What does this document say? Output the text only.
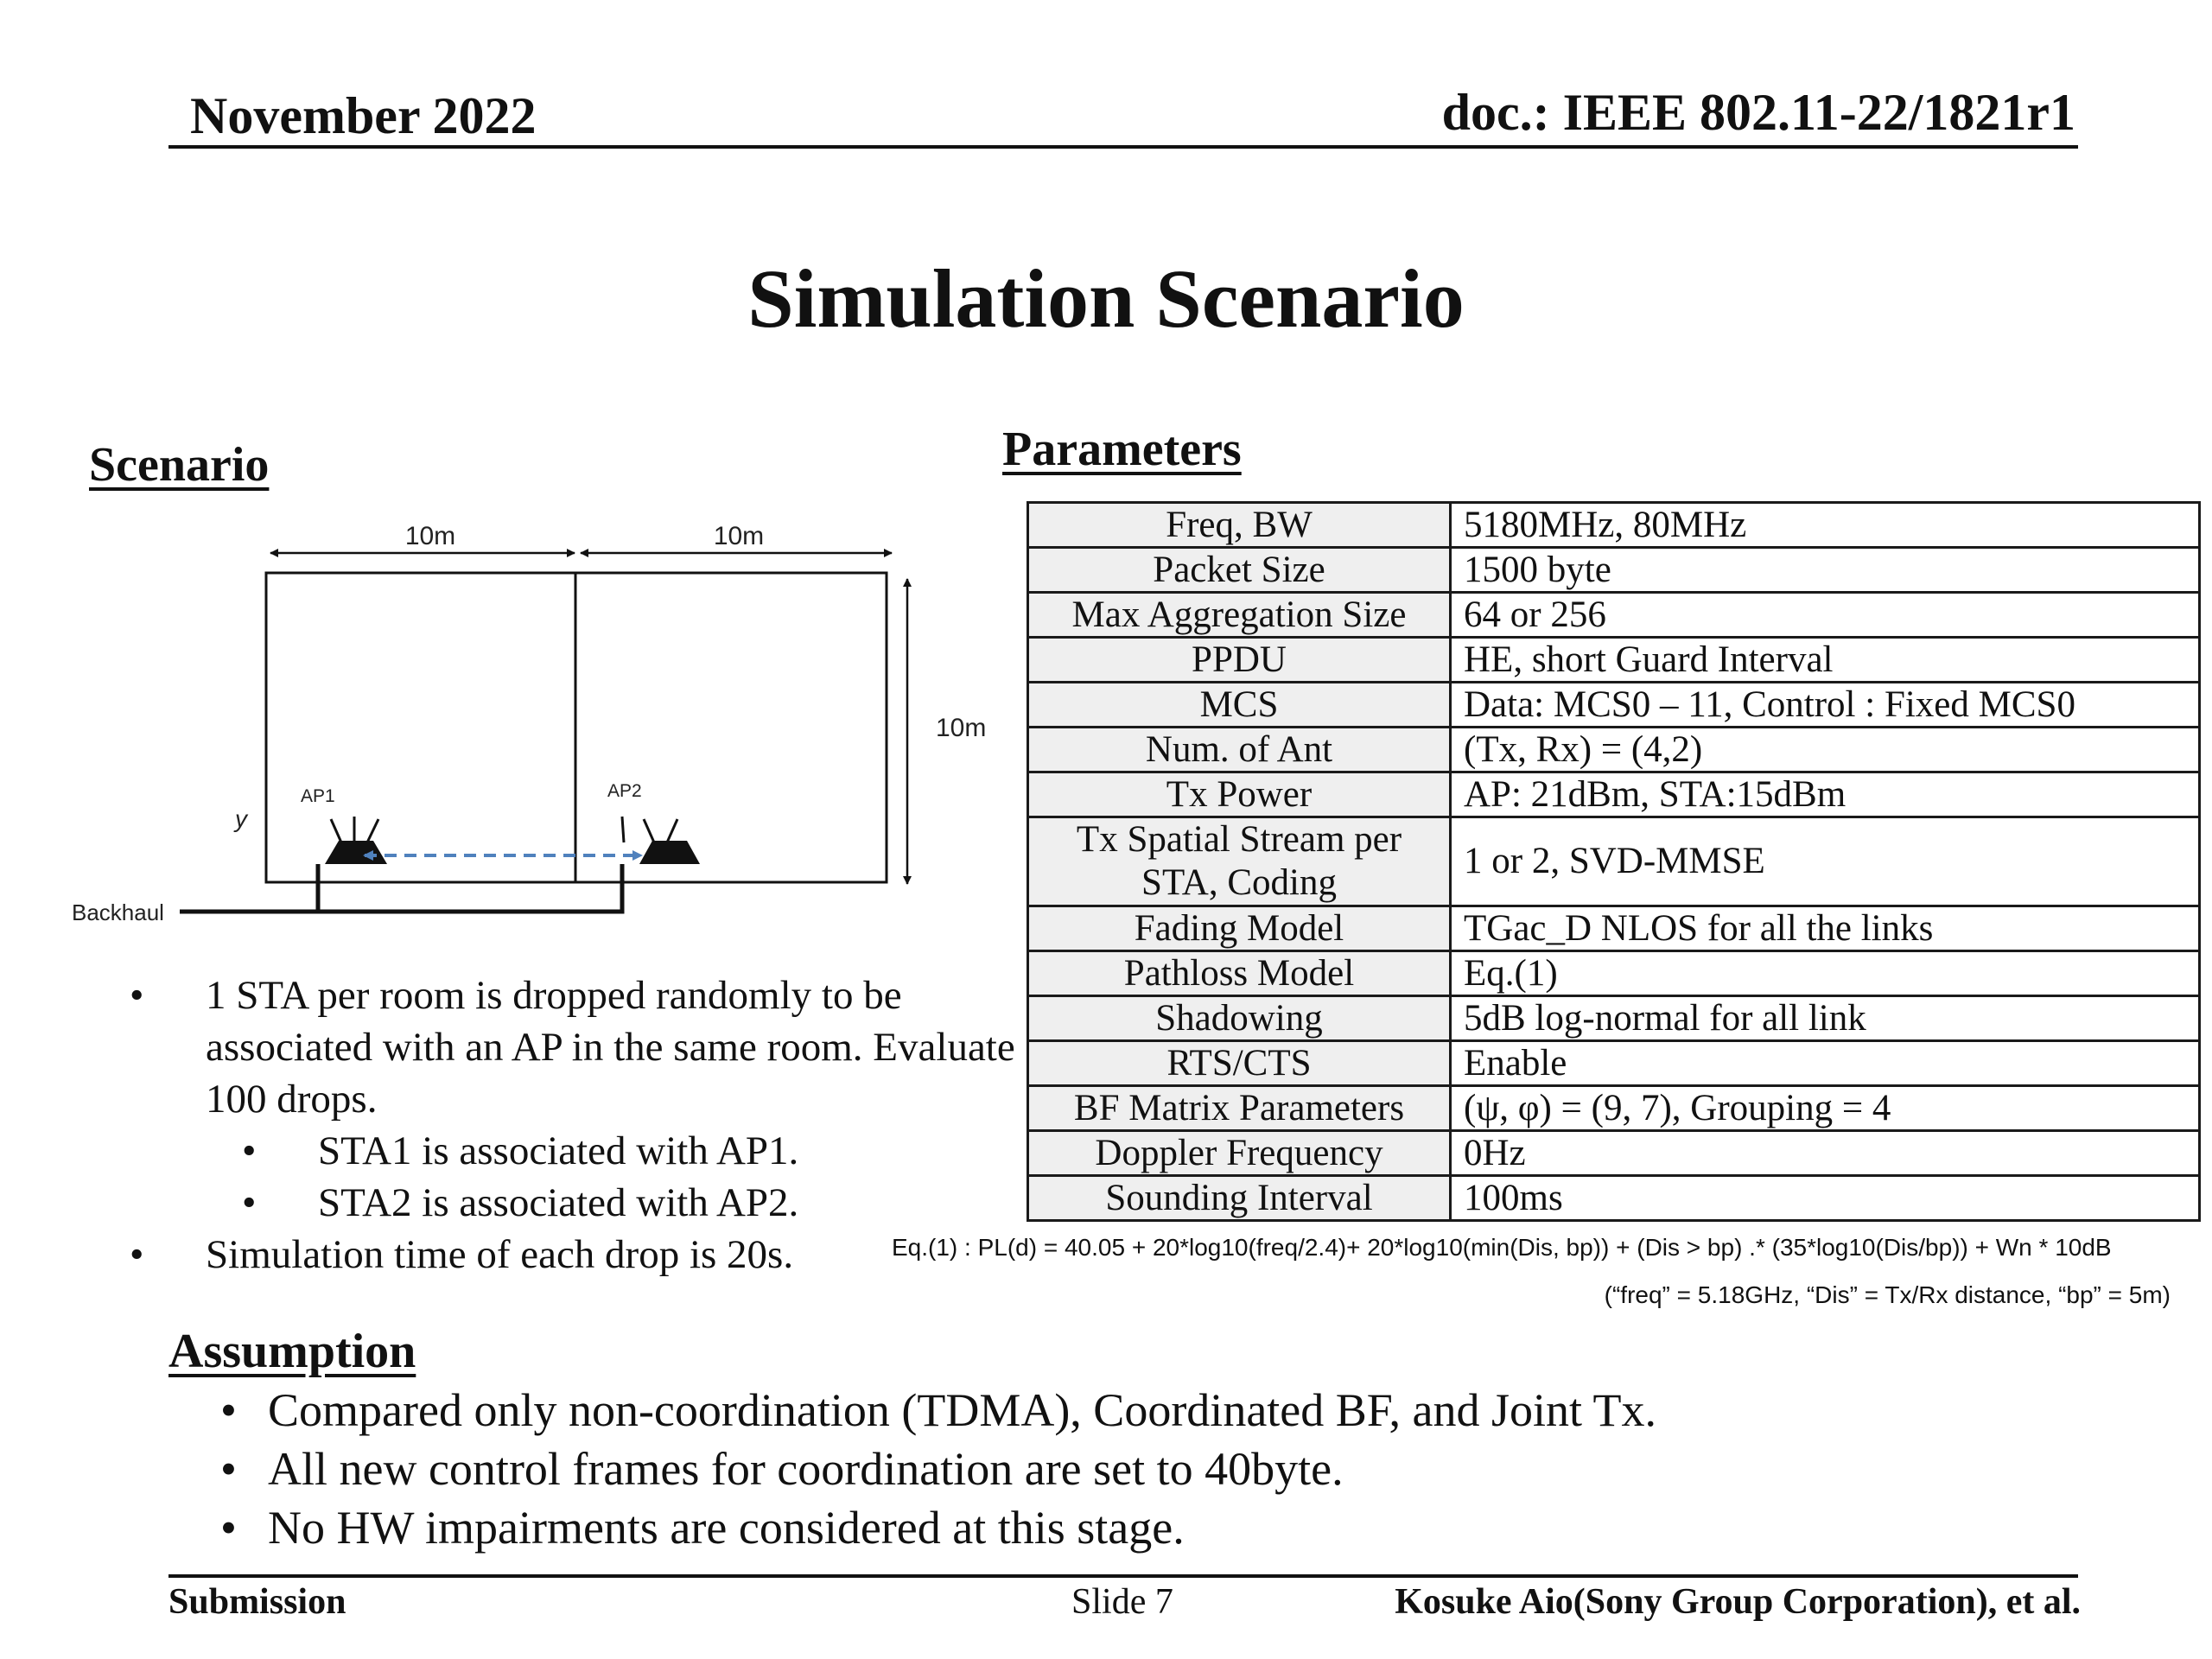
November 2022	doc.: IEEE 802.11-22/1821r1
Simulation Scenario
Scenario	Parameters
10m	10m
10m
y
AP1	AP2
Backhaul
Freq, BW	5180MHz, 80MHz
Packet Size	1500 byte
Max Aggregation Size	64 or 256
PPDU	HE, short Guard Interval
MCS	Data: MCS0 – 11, Control : Fixed MCS0
Num. of Ant	(Tx, Rx) = (4,2)
Tx Power	AP: 21dBm, STA:15dBm
Tx Spatial Stream per STA, Coding	1 or 2, SVD-MMSE
Fading Model	TGac_D NLOS for all the links
Pathloss Model	Eq.(1)
Shadowing	5dB log-normal for all link
RTS/CTS	Enable
BF Matrix Parameters	(ψ, φ) = (9, 7), Grouping = 4
Doppler Frequency	0Hz
Sounding Interval	100ms
Eq.(1) : PL(d) = 40.05 + 20*log10(freq/2.4)+ 20*log10(min(Dis, bp)) + (Dis > bp) .* (35*log10(Dis/bp)) + Wn * 10dB
(“freq” = 5.18GHz, “Dis” = Tx/Rx distance, “bp” = 5m)
• 1 STA per room is dropped randomly to be associated with an AP in the same room. Evaluate 100 drops.
• STA1 is associated with AP1.
• STA2 is associated with AP2.
• Simulation time of each drop is 20s.
Assumption
• Compared only non-coordination (TDMA), Coordinated BF, and Joint Tx.
• All new control frames for coordination are set to 40byte.
• No HW impairments are considered at this stage.
Submission	Slide 7	Kosuke Aio(Sony Group Corporation), et al.
